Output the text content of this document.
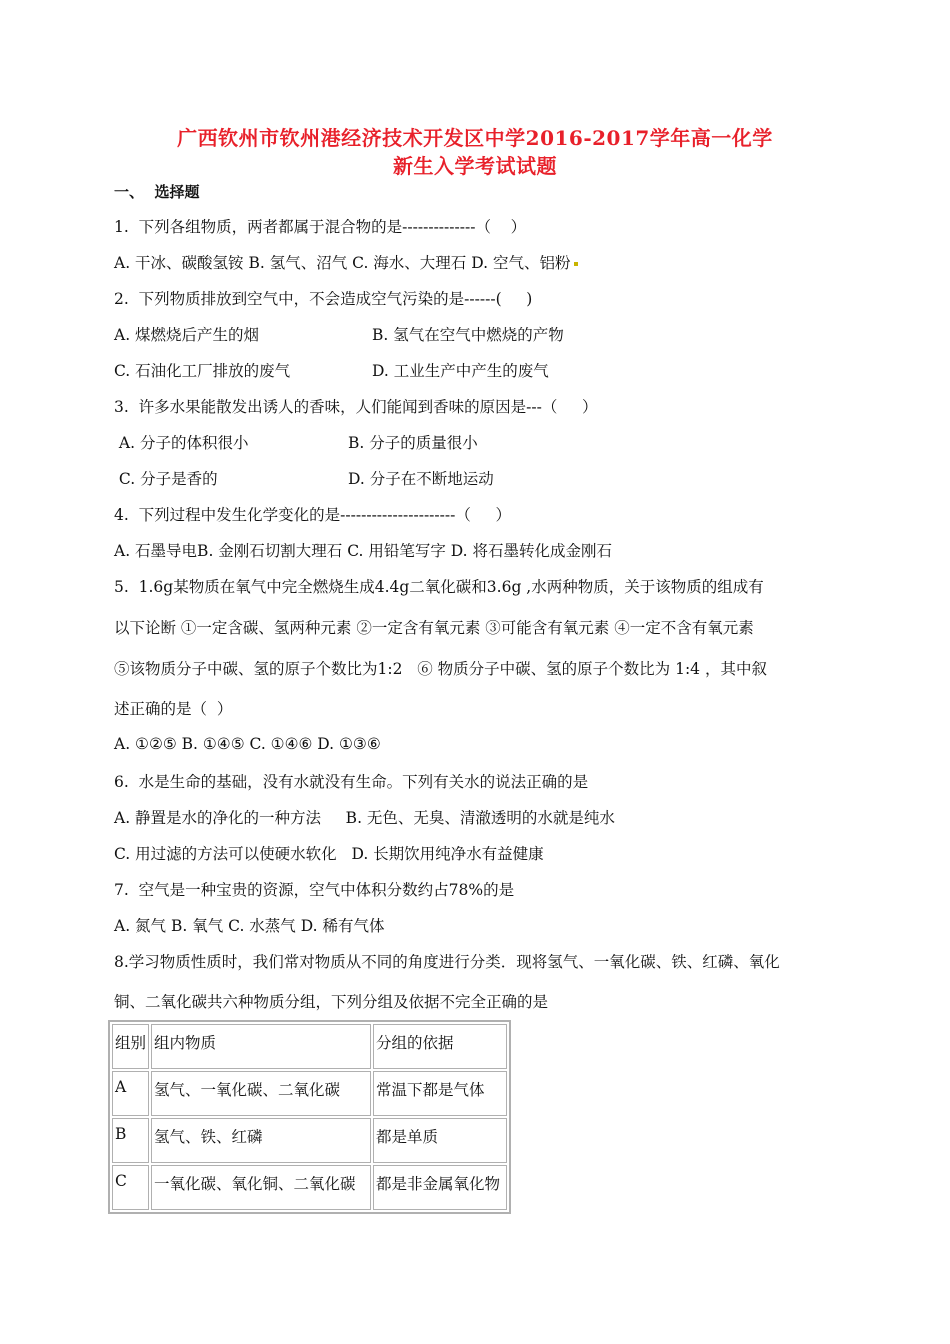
广西钦州市钦州港经济技术开发区中学2016-2017学年高一化学
新生入学考试试题
一、  选择题
1.  下列各组物质，两者都属于混合物的是--------------（    ）
A. 干冰、碳酸氢铵 B. 氢气、沼气 C. 海水、大理石 D. 空气、铝粉
2.  下列物质排放到空气中，不会造成空气污染的是------(     )
A. 煤燃烧后产生的烟	B. 氢气在空气中燃烧的产物
C. 石油化工厂排放的废气	D. 工业生产中产生的废气
3.  许多水果能散发出诱人的香味，人们能闻到香味的原因是---（     ）
A. 分子的体积很小	B. 分子的质量很小
C. 分子是香的	D. 分子在不断地运动
4.  下列过程中发生化学变化的是----------------------（     ）
A. 石墨导电B. 金刚石切割大理石 C. 用铅笔写字 D. 将石墨转化成金刚石
5.  1.6g某物质在氧气中完全燃烧生成4.4g二氧化碳和3.6g ,水两种物质，关于该物质的组成有
以下论断 ①一定含碳、氢两种元素 ②一定含有氧元素 ③可能含有氧元素 ④一定不含有氧元素
⑤该物质分子中碳、氢的原子个数比为1:2   ⑥ 物质分子中碳、氢的原子个数比为 1:4 ，其中叙
述正确的是（  ）
A. ①②⑤ B. ①④⑤ C. ①④⑥ D. ①③⑥
6.  水是生命的基础，没有水就没有生命。下列有关水的说法正确的是
A. 静置是水的净化的一种方法     B. 无色、无臭、清澈透明的水就是纯水
C. 用过滤的方法可以使硬水软化   D. 长期饮用纯净水有益健康
7.  空气是一种宝贵的资源，空气中体积分数约占78%的是
A. 氮气 B. 氧气 C. 水蒸气 D. 稀有气体
8.学习物质性质时，我们常对物质从不同的角度进行分类．现将氢气、一氧化碳、铁、红磷、氧化
铜、二氧化碳共六种物质分组，下列分组及依据不完全正确的是
组别	组内物质	分组的依据
A	氢气、一氧化碳、二氧化碳	常温下都是气体
B	氢气、铁、红磷	都是单质
C	一氧化碳、氧化铜、二氧化碳	都是非金属氧化物
